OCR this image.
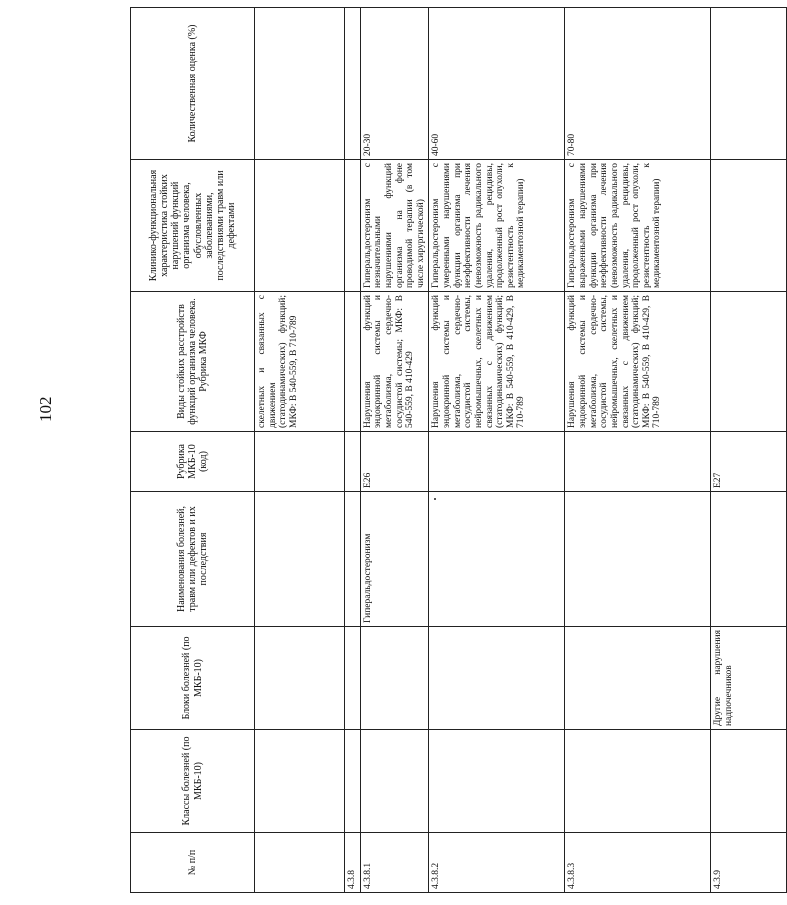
102
№ п/п	Классы болезней (по МКБ-10)	Блоки болезней (по МКБ-10)	Наименования болезней, травм или дефектов и их последствия	Рубрика МКБ-10 (код)	Виды стойких расстройств функций организма человека. Рубрика МКФ	Клинико-функциональная характеристика стойких нарушений функций организма человека, обусловленных заболеваниями, последствиями травм или дефектами	Количественная оценка (%)
					скелетных и связанных с движением (статодинамических) функций; МКФ: B 540-559, B 710-789		
4.3.8							
4.3.8.1			Гиперальдостеронизм	E26	Нарушения функций эндокринной системы и метаболизма, сердечно-сосудистой системы; МКФ: B 540-559, B 410-429	Гиперальдостеронизм с незначительными нарушениями функций организма на фоне проводимой терапии (в том числе хирургической)	20-30
4.3.8.2					Нарушения функций эндокринной системы и метаболизма, сердечно-сосудистой системы, нейромышечных, скелетных и связанных с движением (статодинамических) функций; МКФ: B 540-559, B 410-429, B 710-789	Гиперальдостеронизм с умеренными нарушениями функции организма при неэффективности лечения (невозможность радикального удаления, рецидивы, продолженный рост опухоли, резистентность к медикаментозной терапии)	40-60
4.3.8.3					Нарушения функций эндокринной системы и метаболизма, сердечно-сосудистой системы, нейромышечных, скелетных и связанных с движением (статодинамических) функций; МКФ: B 540-559, B 410-429, B 710-789	Гиперальдостеронизм с выраженными нарушениями функции организма при неэффективности лечения (невозможность радикального удаления, рецидивы, продолженный рост опухоли, резистентность к медикаментозной терапии)	70-80
4.3.9		Другие нарушения надпочечников		E27			
